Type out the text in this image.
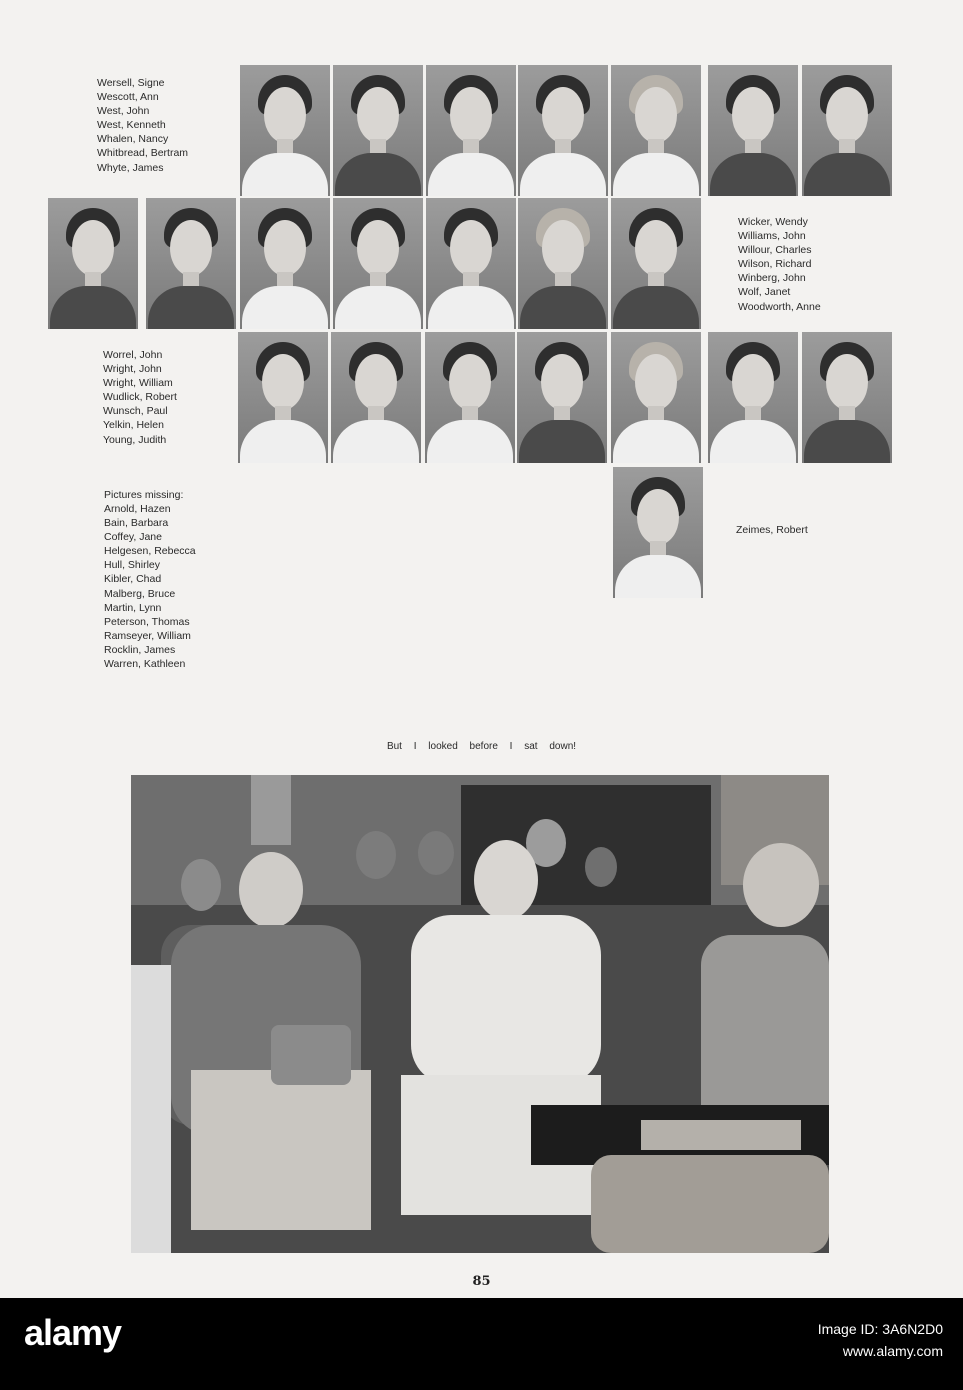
Wersell, Signe
Wescott, Ann
West, John
West, Kenneth
Whalen, Nancy
Whitbread, Bertram
Whyte, James
Wicker, Wendy
Williams, John
Willour, Charles
Wilson, Richard
Winberg, John
Wolf, Janet
Woodworth, Anne
Worrel, John
Wright, John
Wright, William
Wudlick, Robert
Wunsch, Paul
Yelkin, Helen
Young, Judith

Pictures missing:

Arnold, Hazen
Bain, Barbara
Coffey, Jane
Helgesen, Rebecca
Hull, Shirley
Kibler, Chad
Malberg, Bruce
Martin, Lynn
Peterson, Thomas
Ramseyer, William
Rocklin, James
Warren, Kathleen
Zeimes, Robert

But I looked before I sat down!

85

alamy	Image ID: 3A6N2D0
www.alamy.com
